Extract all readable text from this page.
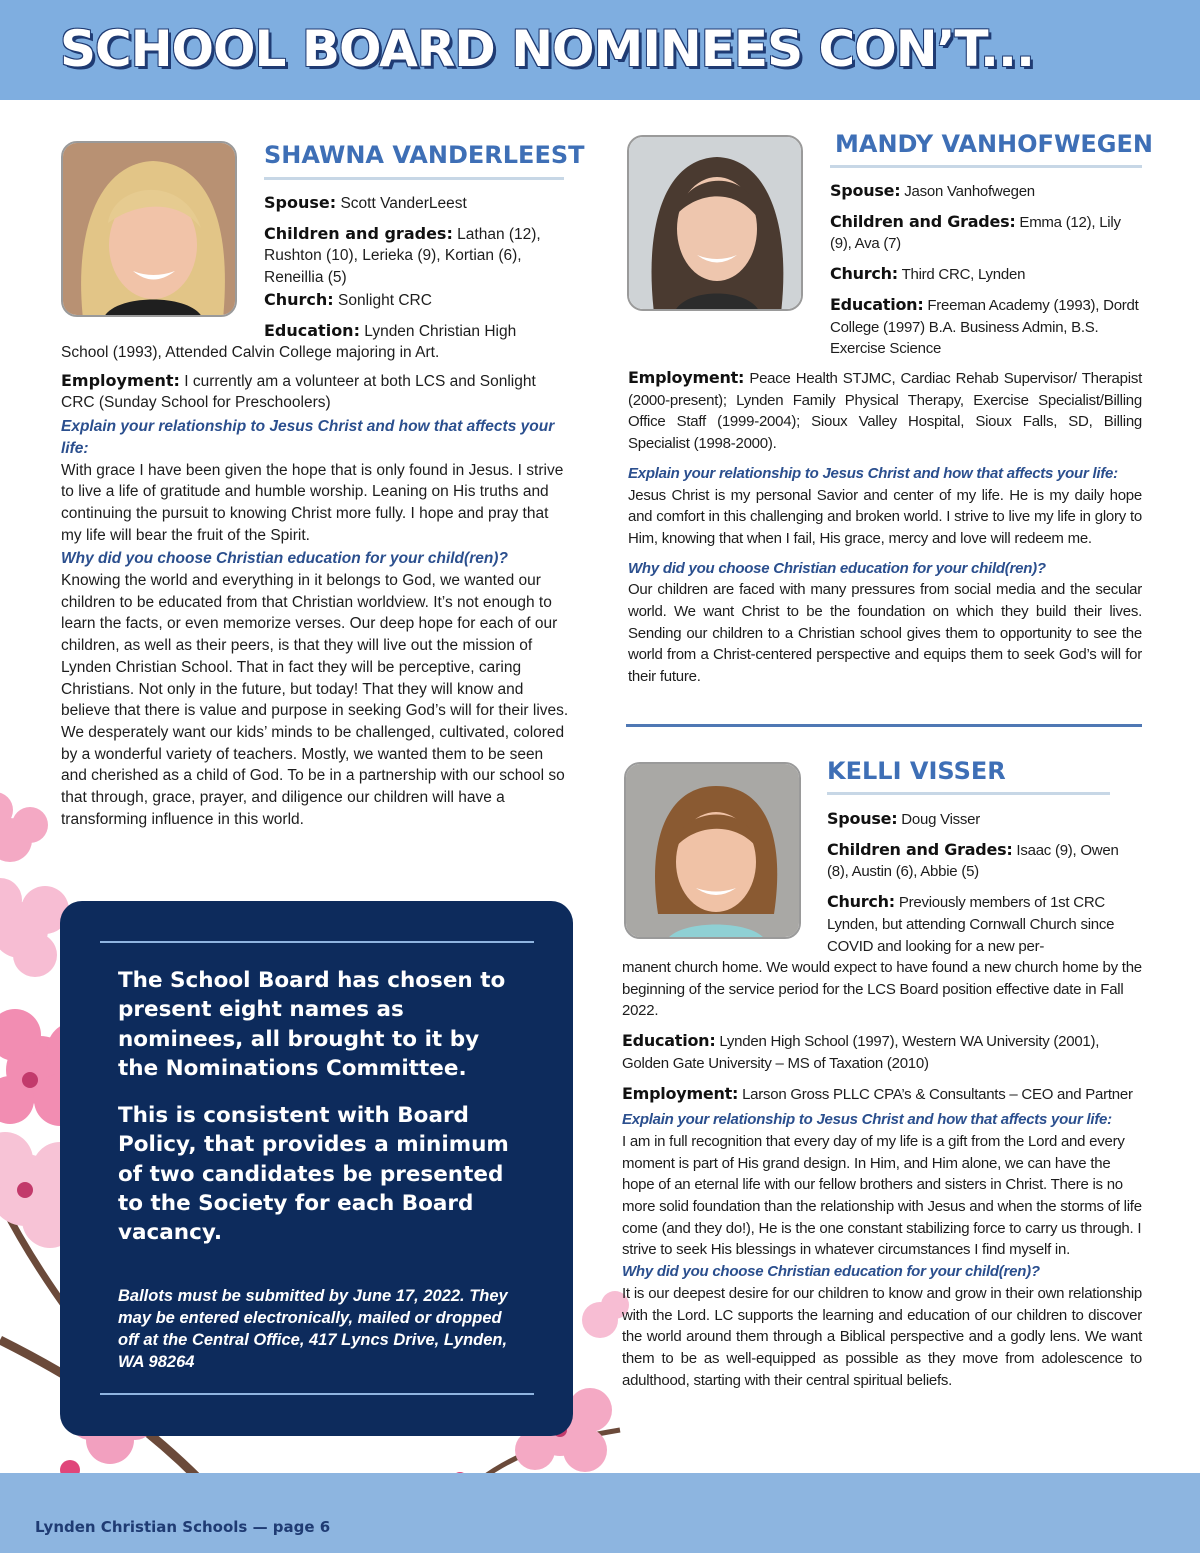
SCHOOL BOARD NOMINEES CON’T...
SHAWNA VANDERLEEST

Spouse: Scott VanderLeest

Children and grades: Lathan (12), Rushton (10), Lerieka (9), Kortian (6), Reneillia (5)

Church: Sonlight CRC

Education: Lynden Christian High

School (1993), Attended Calvin College majoring in Art.

Employment: I currently am a volunteer at both LCS and Sonlight CRC (Sunday School for Preschoolers)

Explain your relationship to Jesus Christ and how that affects your life:

With grace I have been given the hope that is only found in Jesus. I strive to live a life of gratitude and humble worship. Leaning on His truths and continuing the pursuit to knowing Christ more fully. I hope and pray that my life will bear the fruit of the Spirit.

Why did you choose Christian education for your child(ren)?

Knowing the world and everything in it belongs to God, we wanted our children to be educated from that Christian worldview. It’s not enough to learn the facts, or even memorize verses. Our deep hope for each of our children, as well as their peers, is that they will live out the mission of Lynden Christian School. That in fact they will be perceptive, caring Christians. Not only in the future, but today! That they will know and believe that there is value and purpose in seeking God’s will for their lives. We desperately want our kids’ minds to be challenged, cultivated, colored by a wonderful variety of teachers. Mostly, we wanted them to be seen and cherished as a child of God. To be in a partnership with our school so that through, grace, prayer, and diligence our children will have a transforming influence in this world.

MANDY VANHOFWEGEN

Spouse: Jason Vanhofwegen

Children and Grades: Emma (12), Lily (9), Ava (7)

Church: Third CRC, Lynden

Education: Freeman Academy (1993), Dordt College (1997) B.A. Business Admin, B.S. Exercise Science

Employment: Peace Health STJMC, Cardiac Rehab Supervisor/ Therapist (2000-present); Lynden Family Physical Therapy, Exercise Specialist/Billing Office Staff (1999-2004); Sioux Valley Hospital, Sioux Falls, SD, Billing Specialist (1998-2000).

Explain your relationship to Jesus Christ and how that affects your life:

Jesus Christ is my personal Savior and center of my life. He is my daily hope and comfort in this challenging and broken world. I strive to live my life in glory to Him, knowing that when I fail, His grace, mercy and love will redeem me.

Why did you choose Christian education for your child(ren)?

Our children are faced with many pressures from social media and the secular world. We want Christ to be the foundation on which they build their lives. Sending our children to a Christian school gives them to opportunity to see the world from a Christ-centered perspective and equips them to seek God’s will for their future.

KELLI VISSER

Spouse: Doug Visser

Children and Grades: Isaac (9), Owen (8), Austin (6), Abbie (5)

Church: Previously members of 1st CRC Lynden, but attending Cornwall Church since COVID and looking for a new per-

manent church home. We would expect to have found a new church home by the beginning of the service period for the LCS Board position effective date in Fall 2022.

Education: Lynden High School (1997), Western WA University (2001), Golden Gate University – MS of Taxation (2010)

Employment: Larson Gross PLLC CPA’s & Consultants – CEO and Partner

Explain your relationship to Jesus Christ and how that affects your life:

I am in full recognition that every day of my life is a gift from the Lord and every moment is part of His grand design. In Him, and Him alone, we can have the hope of an eternal life with our fellow brothers and sisters in Christ. There is no more solid foundation than the relationship with Jesus and when the storms of life come (and they do!), He is the one constant stabilizing force to carry us through. I strive to seek His blessings in whatever circumstances I find myself in.

Why did you choose Christian education for your child(ren)?

It is our deepest desire for our children to know and grow in their own relationship with the Lord. LC supports the learning and education of our children to discover the world around them through a Biblical perspective and a godly lens. We want them to be as well-equipped as possible as they move from adolescence to adulthood, starting with their central spiritual beliefs.

The School Board has chosen to present eight names as nominees, all brought to it by the Nominations Committee.
This is consistent with Board Policy, that provides a minimum of two candidates be presented to the Society for each Board vacancy.
Ballots must be submitted by June 17, 2022. They may be entered electronically, mailed or dropped off at the Central Office, 417 Lyncs Drive, Lynden, WA 98264
Lynden Christian Schools — page 6
